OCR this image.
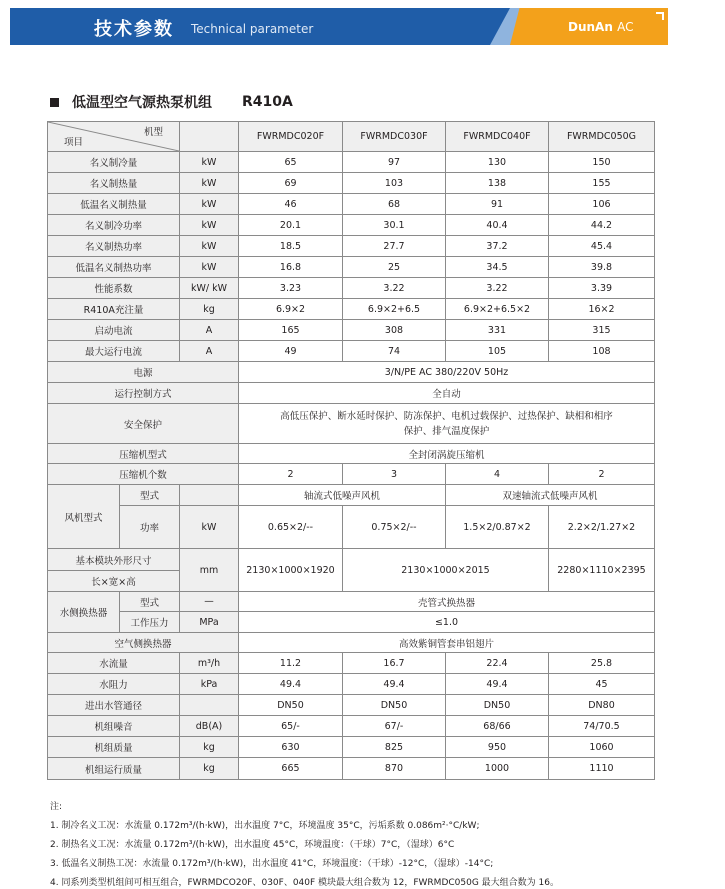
技术参数 Technical parameter	DunAn AC
低温型空气源热泵机组 R410A
项目		机型	FWRMDC020F	FWRMDC030F	FWRMDC040F	FWRMDC050G
名义制冷量		kW	65	97	130	150
名义制热量		kW	69	103	138	155
低温名义制热量		kW	46	68	91	106
名义制冷功率		kW	20.1	30.1	40.4	44.2
名义制热功率		kW	18.5	27.7	37.2	45.4
低温名义制热功率		kW	16.8	25	34.5	39.8
性能系数		kW/ kW	3.23	3.22	3.22	3.39
R410A充注量		kg	6.9×2	6.9×2+6.5	6.9×2+6.5×2	16×2
启动电流		A	165	308	331	315
最大运行电流		A	49	74	105	108
电源			3/N/PE AC 380/220V 50Hz			
运行控制方式			全自动			
安全保护			高低压保护、断水延时保护、防冻保护、电机过载保护、过热保护、缺相和相序
保护、排气温度保护			

压缩机型式			全封闭涡旋压缩机			
压缩机个数			2	3	4	2
风机型式	型式		轴流式低噪声风机		双速轴流式低噪声风机	
	功率	kW	0.65×2/--	0.75×2/--	1.5×2/0.87×2	2.2×2/1.27×2
基本模块外形尺寸		mm	2130×1000×1920	2130×1000×2015		2280×1110×2395
长×宽×高						
水侧换热器	型式	—	壳管式换热器			
	工作压力	MPa	≤1.0			
空气侧换热器			高效紫铜管套串铝翅片			
水流量		m³/h	11.2	16.7	22.4	25.8
水阻力		kPa	49.4	49.4	49.4	45
进出水管通径			DN50	DN50	DN50	DN80
机组噪音		dB(A)	65/-	67/-	68/66	74/70.5
机组质量		kg	630	825	950	1060
机组运行质量		kg	665	870	1000	1110
注:
1. 制冷名义工况：水流量 0.172m³/(h·kW)，出水温度 7°C，环境温度 35°C，污垢系数 0.086m²·°C/kW;
2. 制热名义工况：水流量 0.172m³/(h·kW)，出水温度 45°C，环境温度：（干球）7°C，（湿球）6°C
3. 低温名义制热工况：水流量 0.172m³/(h·kW)，出水温度 41°C，环境温度：（干球）-12°C，（湿球）-14°C;
4. 同系列类型机组间可相互组合，FWRMDCO20F、030F、040F 模块最大组合数为 12，FWRMDC050G 最大组合数为 16。
